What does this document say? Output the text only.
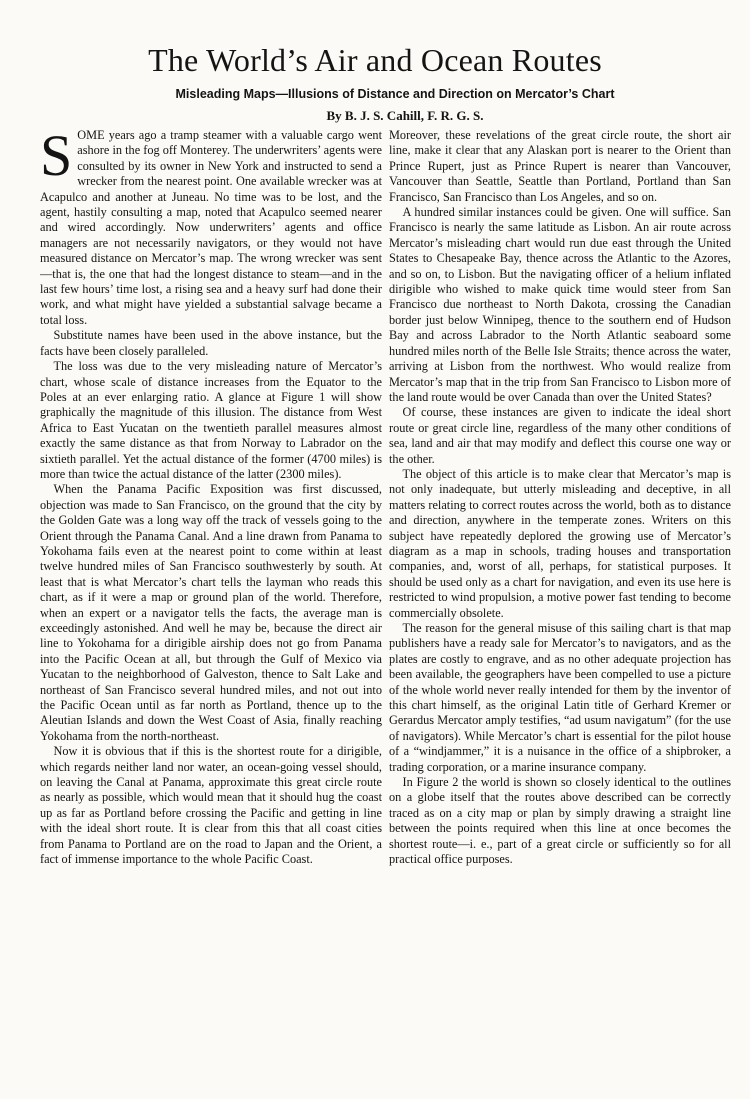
The World’s Air and Ocean Routes
Misleading Maps—Illusions of Distance and Direction on Mercator’s Chart
By B. J. S. Cahill, F. R. G. S.

SOME years ago a tramp steamer with a valuable cargo went ashore in the fog off Monterey. The underwriters’ agents were consulted by its owner in New York and instructed to send a wrecker from the nearest point. One available wrecker was at Acapulco and another at Juneau. No time was to be lost, and the agent, hastily consulting a map, noted that Acapulco seemed nearer and wired accordingly. Now underwriters’ agents and office managers are not necessarily navigators, or they would not have measured distance on Mercator’s map. The wrong wrecker was sent—that is, the one that had the longest distance to steam—and in the last few hours’ time lost, a rising sea and a heavy surf had done their work, and what might have yielded a substantial salvage became a total loss.

Substitute names have been used in the above instance, but the facts have been closely paralleled.

The loss was due to the very misleading nature of Mercator’s chart, whose scale of distance increases from the Equator to the Poles at an ever enlarging ratio. A glance at Figure 1 will show graphically the magnitude of this illusion. The distance from West Africa to East Yucatan on the twentieth parallel measures almost exactly the same distance as that from Norway to Labrador on the sixtieth parallel. Yet the actual distance of the former (4700 miles) is more than twice the actual distance of the latter (2300 miles).

When the Panama Pacific Exposition was first discussed, objection was made to San Francisco, on the ground that the city by the Golden Gate was a long way off the track of vessels going to the Orient through the Panama Canal. And a line drawn from Panama to Yokohama fails even at the nearest point to come within at least twelve hundred miles of San Francisco southwesterly by south. At least that is what Mercator’s chart tells the layman who reads this chart, as if it were a map or ground plan of the world. Therefore, when an expert or a navigator tells the facts, the average man is exceedingly astonished. And well he may be, because the direct air line to Yokohama for a dirigible airship does not go from Panama into the Pacific Ocean at all, but through the Gulf of Mexico via Yucatan to the neighborhood of Galveston, thence to Salt Lake and northeast of San Francisco several hundred miles, and not out into the Pacific Ocean until as far north as Portland, thence up to the Aleutian Islands and down the West Coast of Asia, finally reaching Yokohama from the north-northeast.

Now it is obvious that if this is the shortest route for a dirigible, which regards neither land nor water, an ocean-going vessel should, on leaving the Canal at Panama, approximate this great circle route as nearly as possible, which would mean that it should hug the coast up as far as Portland before crossing the Pacific and getting in line with the ideal short route. It is clear from this that all coast cities from Panama to Portland are on the road to Japan and the Orient, a fact of immense importance to the whole Pacific Coast.

Moreover, these revelations of the great circle route, the short air line, make it clear that any Alaskan port is nearer to the Orient than Prince Rupert, just as Prince Rupert is nearer than Vancouver, Vancouver than Seattle, Seattle than Portland, Portland than San Francisco, San Francisco than Los Angeles, and so on.

A hundred similar instances could be given. One will suffice. San Francisco is nearly the same latitude as Lisbon. An air route across Mercator’s misleading chart would run due east through the United States to Chesapeake Bay, thence across the Atlantic to the Azores, and so on, to Lisbon. But the navigating officer of a helium inflated dirigible who wished to make quick time would steer from San Francisco due northeast to North Dakota, crossing the Canadian border just below Winnipeg, thence to the southern end of Hudson Bay and across Labrador to the North Atlantic seaboard some hundred miles north of the Belle Isle Straits; thence across the water, arriving at Lisbon from the northwest. Who would realize from Mercator’s map that in the trip from San Francisco to Lisbon more of the land route would be over Canada than over the United States?

Of course, these instances are given to indicate the ideal short route or great circle line, regardless of the many other conditions of sea, land and air that may modify and deflect this course one way or the other.

The object of this article is to make clear that Mercator’s map is not only inadequate, but utterly misleading and deceptive, in all matters relating to correct routes across the world, both as to distance and direction, anywhere in the temperate zones. Writers on this subject have repeatedly deplored the growing use of Mercator’s diagram as a map in schools, trading houses and transportation companies, and, worst of all, perhaps, for statistical purposes. It should be used only as a chart for navigation, and even its use here is restricted to wind propulsion, a motive power fast tending to become commercially obsolete.

The reason for the general misuse of this sailing chart is that map publishers have a ready sale for Mercator’s to navigators, and as the plates are costly to engrave, and as no other adequate projection has been available, the geographers have been compelled to use a picture of the whole world never really intended for them by the inventor of this chart himself, as the original Latin title of Gerhard Kremer or Gerardus Mercator amply testifies, “ad usum navigatum” (for the use of navigators). While Mercator’s chart is essential for the pilot house of a “windjammer,” it is a nuisance in the office of a shipbroker, a trading corporation, or a marine insurance company.

In Figure 2 the world is shown so closely identical to the outlines on a globe itself that the routes above described can be correctly traced as on a city map or plan by simply drawing a straight line between the points required when this line at once becomes the shortest route—i. e., part of a great circle or sufficiently so for all practical office purposes.
